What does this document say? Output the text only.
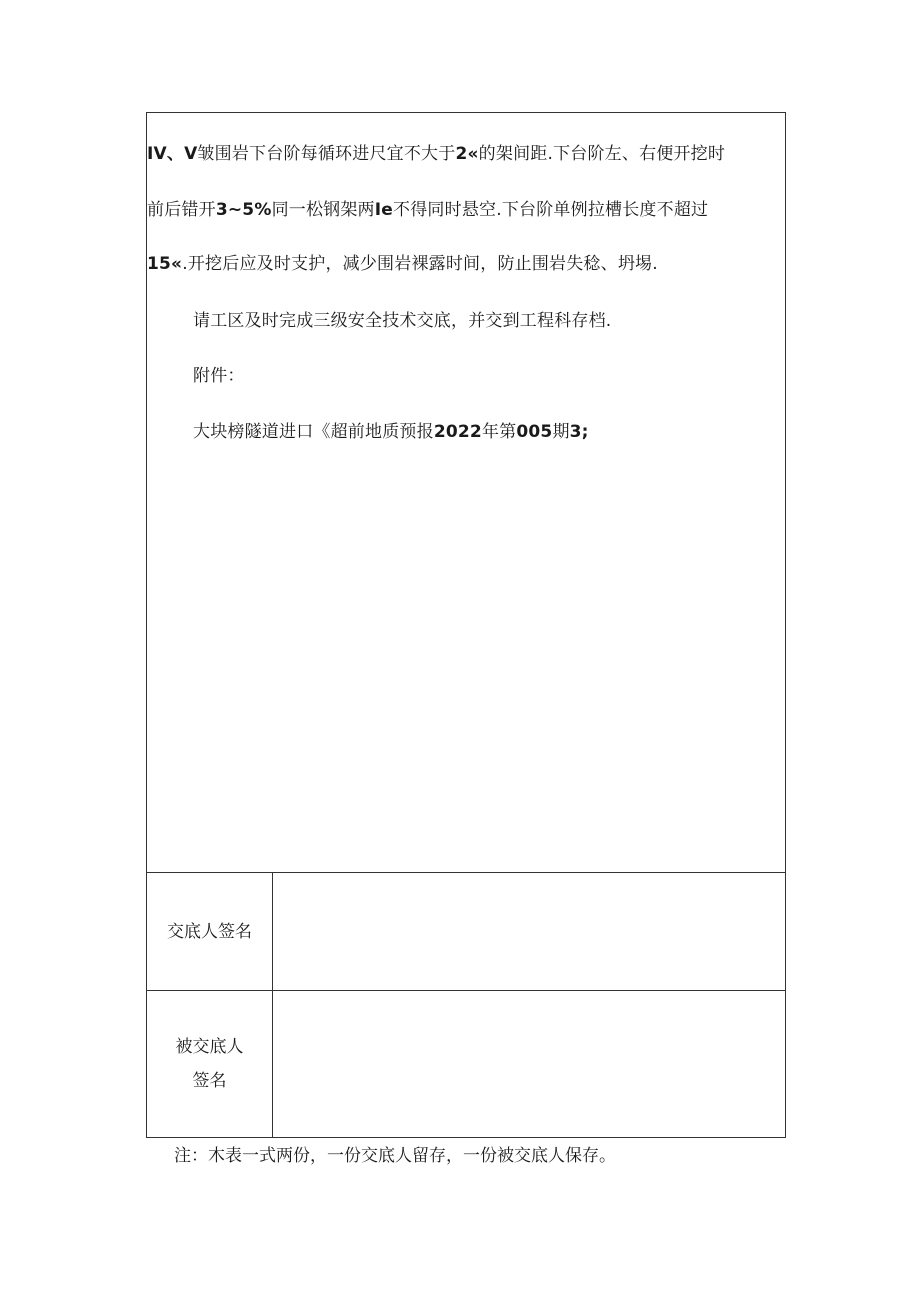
IV、V皱围岩下台阶每循环进尺宜不大于2«的架间距.下台阶左、右便开挖时
前后错开3~5%同一松钢架两Ie不得同时悬空.下台阶单例拉槽长度不超过
15«.开挖后应及时支护，减少围岩裸露时间，防止围岩失稔、坍埸.
请工区及时完成三级安全技术交底，并交到工程科存档.
附件：
大块榜隧道进口《超前地质预报2022年第005期3;
交底人签名
被交底人
签名
注：木表一式两份，一份交底人留存，一份被交底人保存。
